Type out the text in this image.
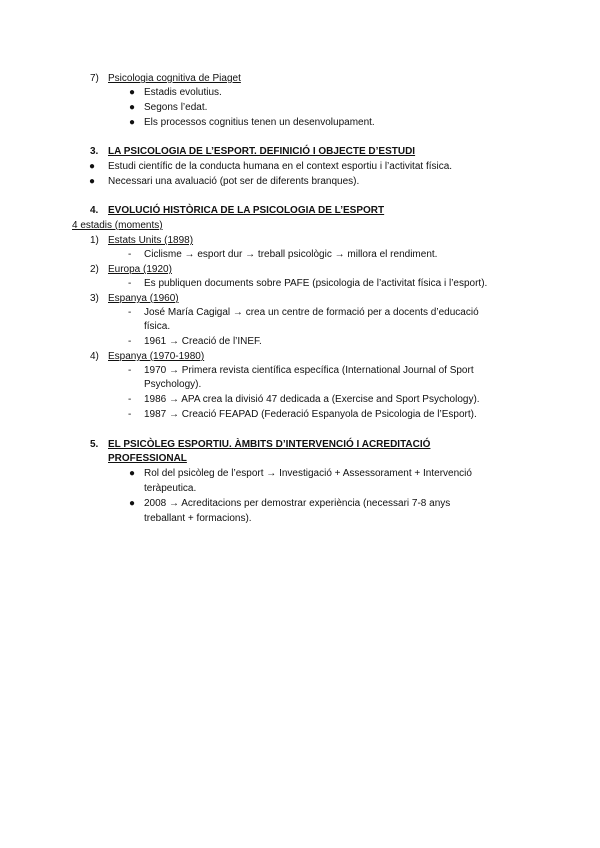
7) Psicologia cognitiva de Piaget
● Estadis evolutius.
● Segons l’edat.
● Els processos cognitius tenen un desenvolupament.
3. LA PSICOLOGIA DE L’ESPORT. DEFINICIÓ I OBJECTE D’ESTUDI
● Estudi científic de la conducta humana en el context esportiu i l’activitat física.
● Necessari una avaluació (pot ser de diferents branques).
4. EVOLUCIÓ HISTÒRICA DE LA PSICOLOGIA DE L’ESPORT
4 estadis (moments)
1) Estats Units (1898)
- Ciclisme → esport dur → treball psicològic → millora el rendiment.
2) Europa (1920)
- Es publiquen documents sobre PAFE (psicologia de l’activitat física i l’esport).
3) Espanya (1960)
- José María Cagigal → crea un centre de formació per a docents d’educació
física.
- 1961 → Creació de l’INEF.
4) Espanya (1970-1980)
- 1970 → Primera revista científica específica (International Journal of Sport
Psychology).
- 1986 → APA crea la divisió 47 dedicada a (Exercise and Sport Psychology).
- 1987 → Creació FEAPAD (Federació Espanyola de Psicologia de l’Esport).
5. EL PSICÒLEG ESPORTIU. ÀMBITS D’INTERVENCIÓ I ACREDITACIÓ
PROFESSIONAL
● Rol del psicòleg de l’esport → Investigació + Assessorament + Intervenció
teràpeutica.
● 2008 → Acreditacions per demostrar experiència (necessari 7-8 anys
treballant + formacions).
